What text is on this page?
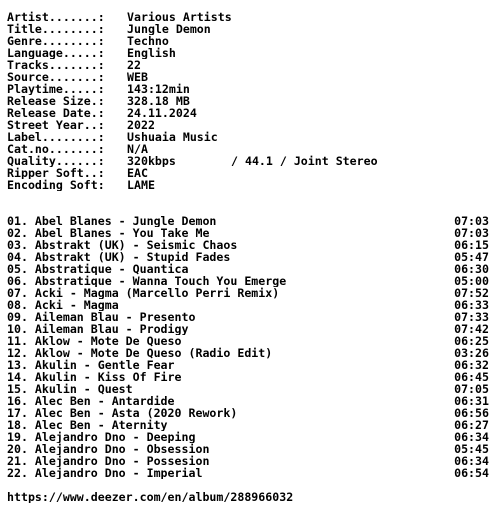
Artist.......:	Various Artists
Title........:	Jungle Demon
Genre........:	Techno
Language.....:	English
Tracks.......:	22
Source.......:	WEB
Playtime.....:	143:12min
Release Size.:	328.18 MB
Release Date.:	24.11.2024
Street Year..:	2022
Label........:	Ushuaia Music
Cat.no.......:	N/A
Quality......:	320kbps	/ 44.1 / Joint Stereo
Ripper Soft..:	EAC
Encoding Soft:	LAME
01. Abel Blanes - Jungle Demon	07:03
02. Abel Blanes - You Take Me	07:03
03. Abstrakt (UK) - Seismic Chaos	06:15
04. Abstrakt (UK) - Stupid Fades	05:47
05. Abstratique - Quantica	06:30
06. Abstratique - Wanna Touch You Emerge	05:00
07. Acki - Magma (Marcello Perri Remix)	07:52
08. Acki - Magma	06:33
09. Aileman Blau - Presento	07:33
10. Aileman Blau - Prodigy	07:42
11. Aklow - Mote De Queso	06:25
12. Aklow - Mote De Queso (Radio Edit)	03:26
13. Akulin - Gentle Fear	06:32
14. Akulin - Kiss Of Fire	06:45
15. Akulin - Quest	07:05
16. Alec Ben - Antardide	06:31
17. Alec Ben - Asta (2020 Rework)	06:56
18. Alec Ben - Aternity	06:27
19. Alejandro Dno - Deeping	06:34
20. Alejandro Dno - Obsession	05:45
21. Alejandro Dno - Possesion	06:34
22. Alejandro Dno - Imperial	06:54
https://www.deezer.com/en/album/288966032
